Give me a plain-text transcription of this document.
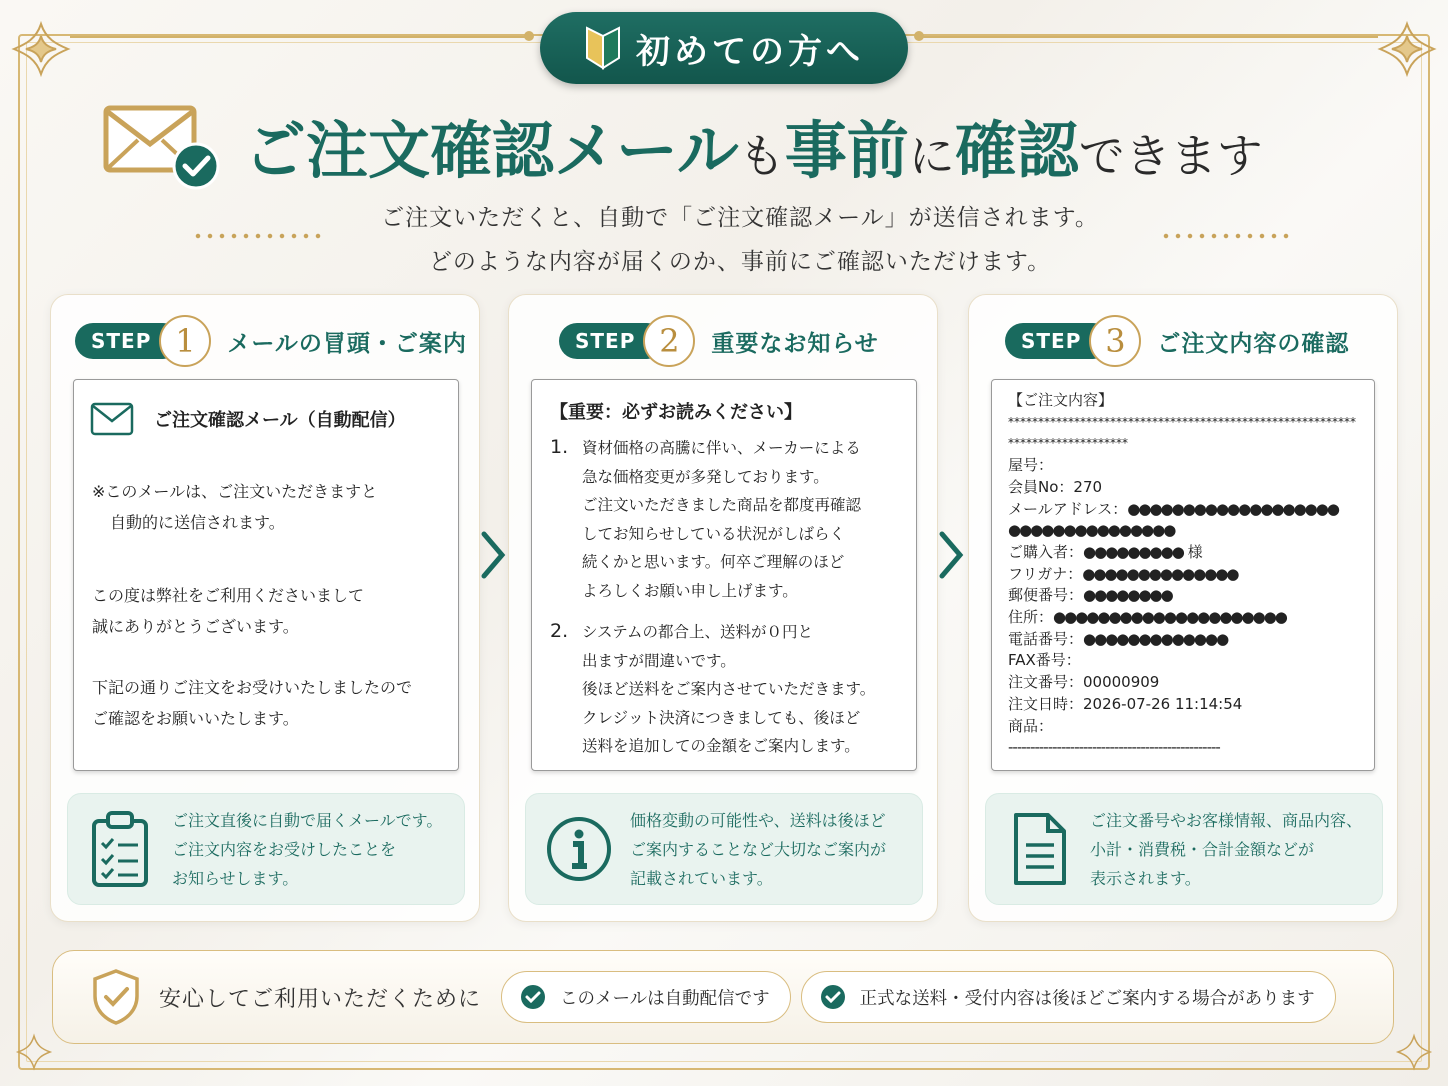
初めての方へ
ご注文確認メール も 事前 に 確認 できます
ご注文いただくと、自動で「ご注文確認メール」が送信されます。
どのような内容が届くのか、事前にご確認いただけます。
STEP 1	メールの冒頭・ご案内
ご注文確認メール（自動配信）
※このメールは、ご注文いただきますと
自動的に送信されます。
この度は弊社をご利用くださいまして
誠にありがとうございます。
下記の通りご注文をお受けいたしましたので
ご確認をお願いいたします。
ご注文直後に自動で届くメールです。
ご注文内容をお受けしたことを
お知らせします。
STEP 2	重要なお知らせ
【重要：必ずお読みください】
1. 資材価格の高騰に伴い、メーカーによる
急な価格変更が多発しております。
ご注文いただきました商品を都度再確認
してお知らせしている状況がしばらく
続くかと思います。何卒ご理解のほど
よろしくお願い申し上げます。
2. システムの都合上、送料が０円と
出ますが間違いです。
後ほど送料をご案内させていただきます。
クレジット決済につきましても、後ほど
送料を追加しての金額をご案内します。
価格変動の可能性や、送料は後ほど
ご案内することなど大切なご案内が
記載されています。
STEP 3	ご注文内容の確認
【ご注文内容】
**********************************************************
********************
屋号：
会員No：270
メールアドレス：●●●●●●●●●●●●●●●●●●●
●●●●●●●●●●●●●●●
ご購入者：●●●●●●●●● 様
フリガナ：●●●●●●●●●●●●●●
郵便番号：●●●●●●●●
住所：●●●●●●●●●●●●●●●●●●●●●
電話番号：●●●●●●●●●●●●●
FAX番号：
注文番号：00000909
注文日時：2026-07-26 11:14:54
商品：
------------------------------------------------
ご注文番号やお客様情報、商品内容、
小計・消費税・合計金額などが
表示されます。
安心してご利用いただくために	このメールは自動配信です	正式な送料・受付内容は後ほどご案内する場合があります
